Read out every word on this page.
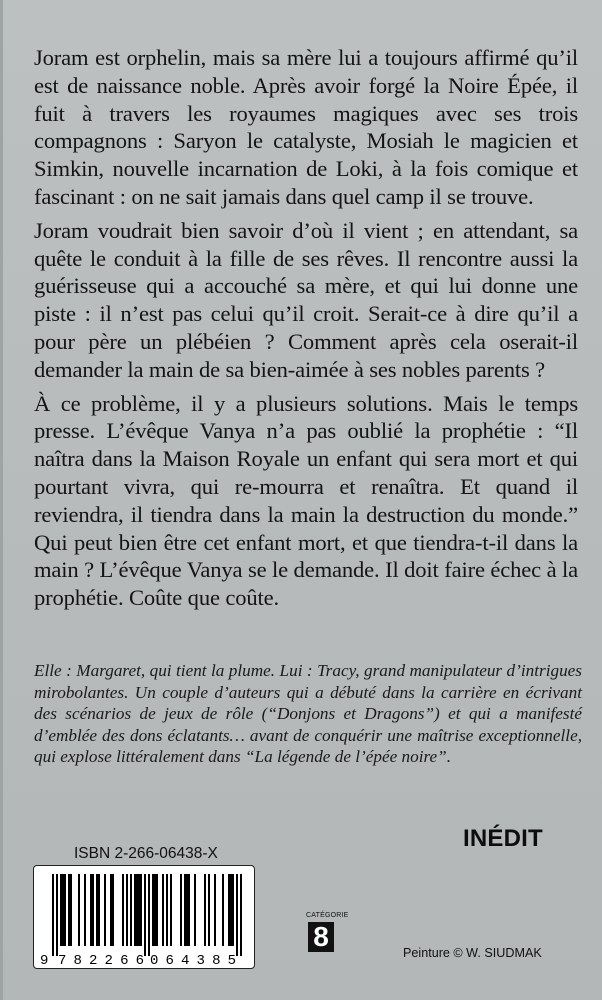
Joram est orphelin, mais sa mère lui a toujours affirmé qu’il est de naissance noble. Après avoir forgé la Noire Épée, il fuit à travers les royaumes magiques avec ses trois compagnons : Saryon le catalyste, Mosiah le magicien et Simkin, nouvelle incarnation de Loki, à la fois comique et fascinant : on ne sait jamais dans quel camp il se trouve.

Joram voudrait bien savoir d’où il vient ; en attendant, sa quête le conduit à la fille de ses rêves. Il rencontre aussi la guérisseuse qui a accouché sa mère, et qui lui donne une piste : il n’est pas celui qu’il croit. Serait-ce à dire qu’il a pour père un plébéien ? Comment après cela oserait-il demander la main de sa bien-aimée à ses nobles parents ?

À ce problème, il y a plusieurs solutions. Mais le temps presse. L’évêque Vanya n’a pas oublié la prophétie : “Il naîtra dans la Maison Royale un enfant qui sera mort et qui pourtant vivra, qui re-mourra et renaîtra. Et quand il reviendra, il tiendra dans la main la destruction du monde.” Qui peut bien être cet enfant mort, et que tiendra-t-il dans la main ? L’évêque Vanya se le demande. Il doit faire échec à la prophétie. Coûte que coûte.

Elle : Margaret, qui tient la plume. Lui : Tracy, grand manipulateur d’intrigues mirobolantes. Un couple d’auteurs qui a débuté dans la carrière en écrivant des scénarios de jeux de rôle (“Donjons et Dragons”) et qui a manifesté d’emblée des dons éclatants… avant de conquérir une maîtrise exceptionnelle, qui explose littéralement dans “La légende de l’épée noire”.

INÉDIT
ISBN 2-266-06438-X
9 782266 064385
CATÉGORIE
8
Peinture © W. SIUDMAK
